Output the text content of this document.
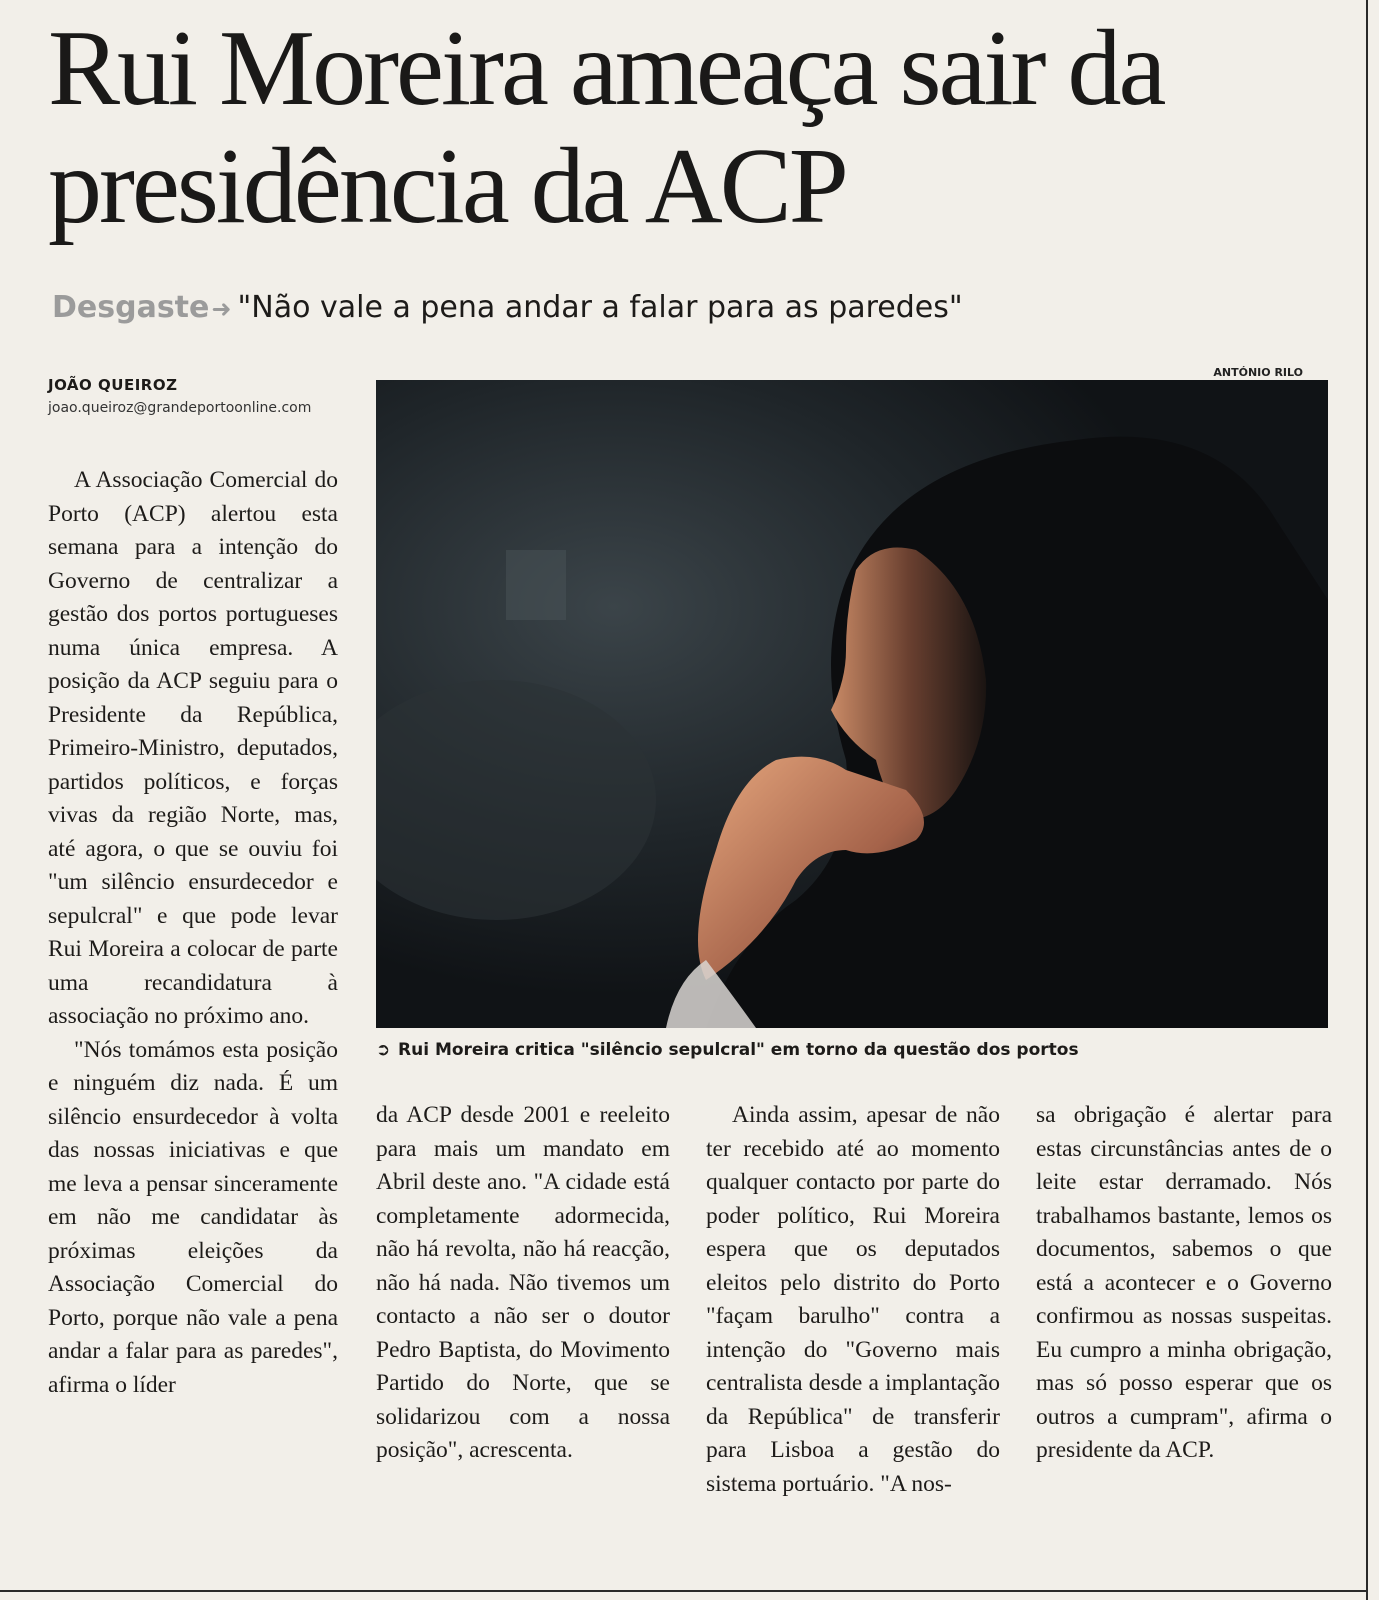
Rui Moreira ameaça sair da presidência da ACP
Desgaste➜ "Não vale a pena andar a falar para as paredes"
JOÃO QUEIROZ
joao.queiroz@grandeportoonline.com
ANTÓNIO RILO
➲ Rui Moreira critica "silêncio sepulcral" em torno da questão dos portos

A Associação Comercial do Porto (ACP) alertou esta semana para a intenção do Governo de centralizar a gestão dos portos portugueses numa única empresa. A posição da ACP seguiu para o Presidente da República, Primeiro-Ministro, deputados, partidos políticos, e forças vivas da região Norte, mas, até agora, o que se ouviu foi "um silêncio ensurdecedor e sepulcral" e que pode levar Rui Moreira a colocar de parte uma recandidatura à associação no próximo ano.

"Nós tomámos esta posição e ninguém diz nada. É um silêncio ensurdecedor à volta das nossas iniciativas e que me leva a pensar sinceramente em não me candidatar às próximas eleições da Associação Comercial do Porto, porque não vale a pena andar a falar para as paredes", afirma o líder

da ACP desde 2001 e reeleito para mais um mandato em Abril deste ano. "A cidade está completamente adormecida, não há revolta, não há reacção, não há nada. Não tivemos um contacto a não ser o doutor Pedro Baptista, do Movimento Partido do Norte, que se solidarizou com a nossa posição", acrescenta.

Ainda assim, apesar de não ter recebido até ao momento qualquer contacto por parte do poder político, Rui Moreira espera que os deputados eleitos pelo distrito do Porto "façam barulho" contra a intenção do "Governo mais centralista desde a implantação da República" de transferir para Lisboa a gestão do sistema portuário. "A nos-

sa obrigação é alertar para estas circunstâncias antes de o leite estar derramado. Nós trabalhamos bastante, lemos os documentos, sabemos o que está a acontecer e o Governo confirmou as nossas suspeitas. Eu cumpro a minha obrigação, mas só posso esperar que os outros a cumpram", afirma o presidente da ACP.
